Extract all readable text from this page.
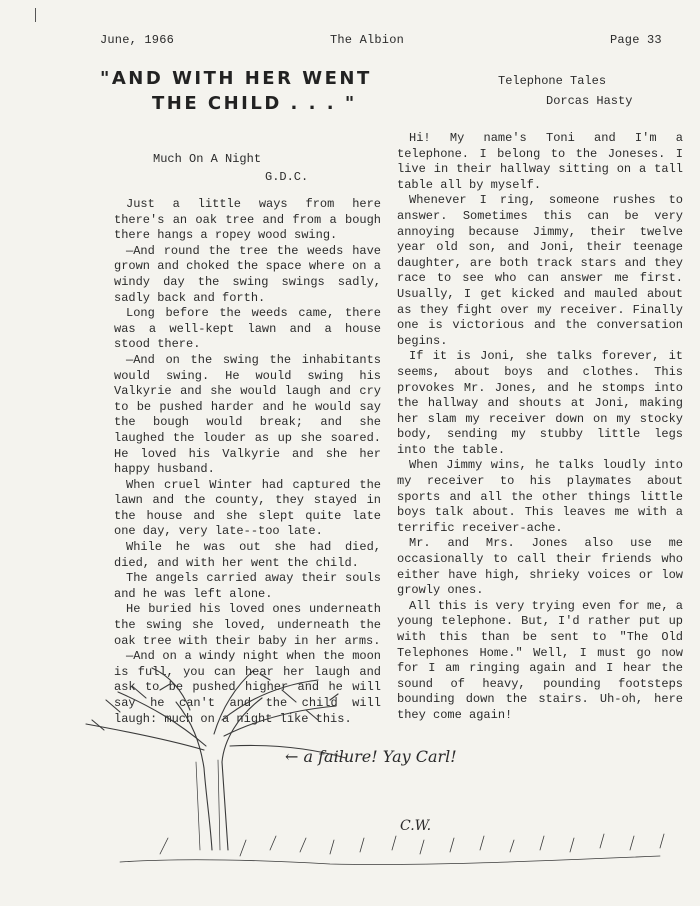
June, 1966	The Albion	Page 33
"AND WITH HER WENT
THE CHILD . . . "
Telephone Tales
Dorcas Hasty
Much On A Night
G.D.C.

Just a little ways from here there's an oak tree and from a bough there hangs a ropey wood swing.

—And round the tree the weeds have grown and choked the space where on a windy day the swing swings sadly, sadly back and forth.

Long before the weeds came, there was a well-kept lawn and a house stood there.

—And on the swing the inhabitants would swing. He would swing his Valkyrie and she would laugh and cry to be pushed harder and he would say the bough would break; and she laughed the louder as up she soared. He loved his Valkyrie and she her happy husband.

When cruel Winter had captured the lawn and the county, they stayed in the house and she slept quite late one day, very late--too late.

While he was out she had died, died, and with her went the child.

The angels carried away their souls and he was left alone.

He buried his loved ones underneath the swing she loved, underneath the oak tree with their baby in her arms.

—And on a windy night when the moon is full, you can hear her laugh and ask to be pushed higher and he will say he can't and the child will laugh: much on a night like this.

Hi! My name's Toni and I'm a telephone. I belong to the Joneses. I live in their hallway sitting on a tall table all by myself.

Whenever I ring, someone rushes to answer. Sometimes this can be very annoying because Jimmy, their twelve year old son, and Joni, their teenage daughter, are both track stars and they race to see who can answer me first. Usually, I get kicked and mauled about as they fight over my receiver. Finally one is victorious and the conversation begins.

If it is Joni, she talks forever, it seems, about boys and clothes. This provokes Mr. Jones, and he stomps into the hallway and shouts at Joni, making her slam my receiver down on my stocky body, sending my stubby little legs into the table.

When Jimmy wins, he talks loudly into my receiver to his playmates about sports and all the other things little boys talk about. This leaves me with a terrific receiver-ache.

Mr. and Mrs. Jones also use me occasionally to call their friends who either have high, shrieky voices or low growly ones.

All this is very trying even for me, a young telephone. But, I'd rather put up with this than be sent to "The Old Telephones Home." Well, I must go now for I am ringing again and I hear the sound of heavy, pounding footsteps bounding down the stairs. Uh-oh, here they come again!

← a failure! Yay Carl!
C.W.
